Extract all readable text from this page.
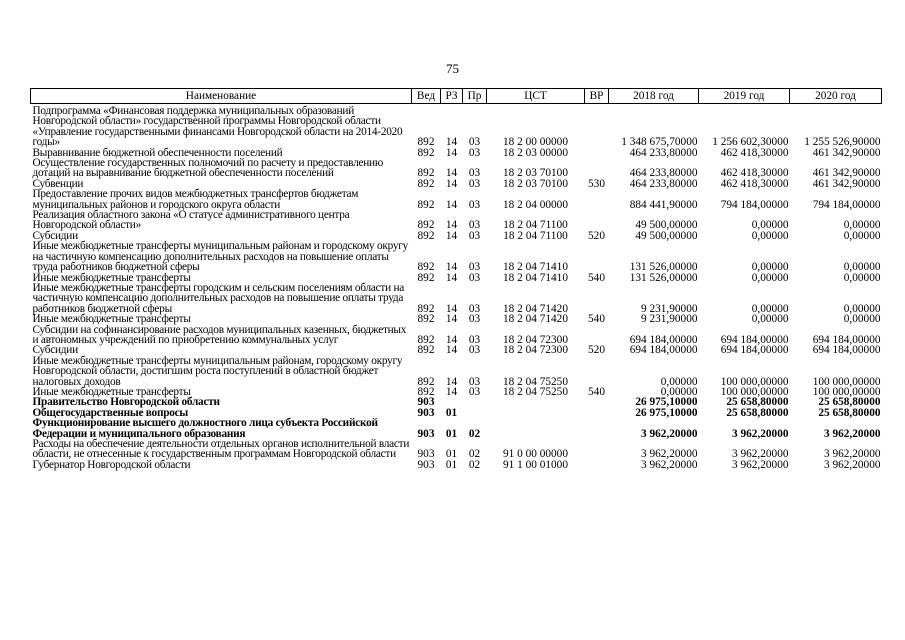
75
Наименование	Вед	РЗ	Пр	ЦСТ	ВР	2018 год	2019 год	2020 год
Подпрограмма «Финансовая поддержка муниципальных образований Новгородской области» государственной программы Новгородской области «Управление государственными финансами Новгородской области на 2014-2020 годы»	892	14	03	18 2 00 00000		1 348 675,70000	1 256 602,30000	1 255 526,90000
Выравнивание бюджетной обеспеченности поселений	892	14	03	18 2 03 00000		464 233,80000	462 418,30000	461 342,90000
Осуществление государственных полномочий по расчету и предоставлению дотаций на выравнивание бюджетной обеспеченности поселений	892	14	03	18 2 03 70100		464 233,80000	462 418,30000	461 342,90000
Субвенции	892	14	03	18 2 03 70100	530	464 233,80000	462 418,30000	461 342,90000
Предоставление прочих видов межбюджетных трансфертов бюджетам муниципальных районов и городского округа области	892	14	03	18 2 04 00000		884 441,90000	794 184,00000	794 184,00000
Реализация областного закона «О статусе административного центра Новгородской области»	892	14	03	18 2 04 71100		49 500,00000	0,00000	0,00000
Субсидии	892	14	03	18 2 04 71100	520	49 500,00000	0,00000	0,00000
Иные межбюджетные трансферты муниципальным районам и городскому округу на частичную компенсацию дополнительных расходов на повышение оплаты труда работников бюджетной сферы	892	14	03	18 2 04 71410		131 526,00000	0,00000	0,00000
Иные межбюджетные трансферты	892	14	03	18 2 04 71410	540	131 526,00000	0,00000	0,00000
Иные межбюджетные трансферты городским и сельским поселениям области на частичную компенсацию дополнительных расходов на повышение оплаты труда работников бюджетной сферы	892	14	03	18 2 04 71420		9 231,90000	0,00000	0,00000
Иные межбюджетные трансферты	892	14	03	18 2 04 71420	540	9 231,90000	0,00000	0,00000
Субсидии на софинансирование расходов муниципальных казенных, бюджетных и автономных учреждений по приобретению коммунальных услуг	892	14	03	18 2 04 72300		694 184,00000	694 184,00000	694 184,00000
Субсидии	892	14	03	18 2 04 72300	520	694 184,00000	694 184,00000	694 184,00000
Иные межбюджетные трансферты муниципальным районам, городскому округу Новгородской области, достигшим роста поступлений в областной бюджет налоговых доходов	892	14	03	18 2 04 75250		0,00000	100 000,00000	100 000,00000
Иные межбюджетные трансферты	892	14	03	18 2 04 75250	540	0,00000	100 000,00000	100 000,00000
Правительство Новгородской области	903					26 975,10000	25 658,80000	25 658,80000
Общегосударственные вопросы	903	01				26 975,10000	25 658,80000	25 658,80000
Функционирование высшего должностного лица субъекта Российской Федерации и муниципального образования	903	01	02			3 962,20000	3 962,20000	3 962,20000
Расходы на обеспечение деятельности отдельных органов исполнительной власти области, не отнесенные к государственным программам Новгородской области	903	01	02	91 0 00 00000		3 962,20000	3 962,20000	3 962,20000
Губернатор Новгородской области	903	01	02	91 1 00 01000		3 962,20000	3 962,20000	3 962,20000
